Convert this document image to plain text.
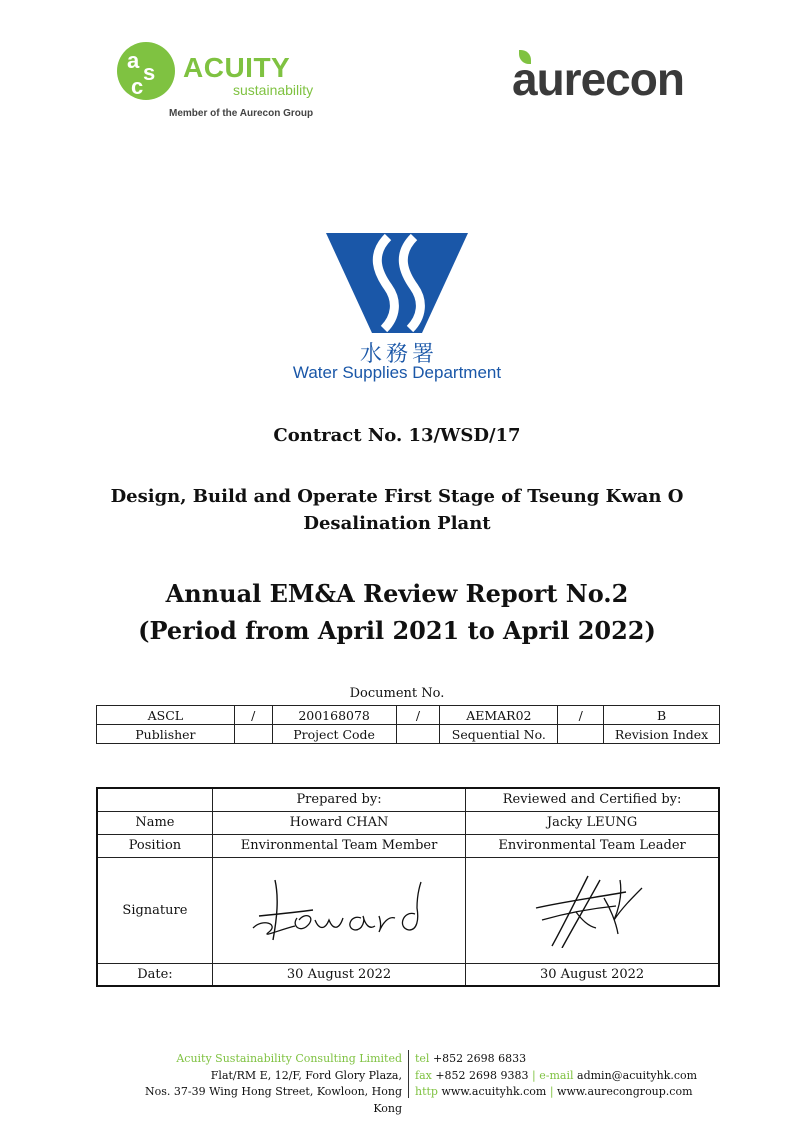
a s
c
ACUITY
sustainability
Member of the Aurecon Group
aurecon
水務署
Water Supplies Department
Contract No. 13/WSD/17
Design, Build and Operate First Stage of Tseung Kwan O
Desalination Plant
Annual EM&A Review Report No.2
(Period from April 2021 to April 2022)
Document No.
ASCL	/	200168078	/	AEMAR02	/	B
Publisher		Project Code		Sequential No.		Revision Index
	Prepared by:	Reviewed and Certified by:
Name	Howard CHAN	Jacky LEUNG
Position	Environmental Team Member	Environmental Team Leader
Signature		
Date:	30 August 2022	30 August 2022
Acuity Sustainability Consulting Limited
Flat/RM E, 12/F, Ford Glory Plaza,
Nos. 37-39 Wing Hong Street, Kowloon, Hong Kong
tel +852 2698 6833
fax +852 2698 9383 | e-mail admin@acuityhk.com
http www.acuityhk.com | www.aurecongroup.com
